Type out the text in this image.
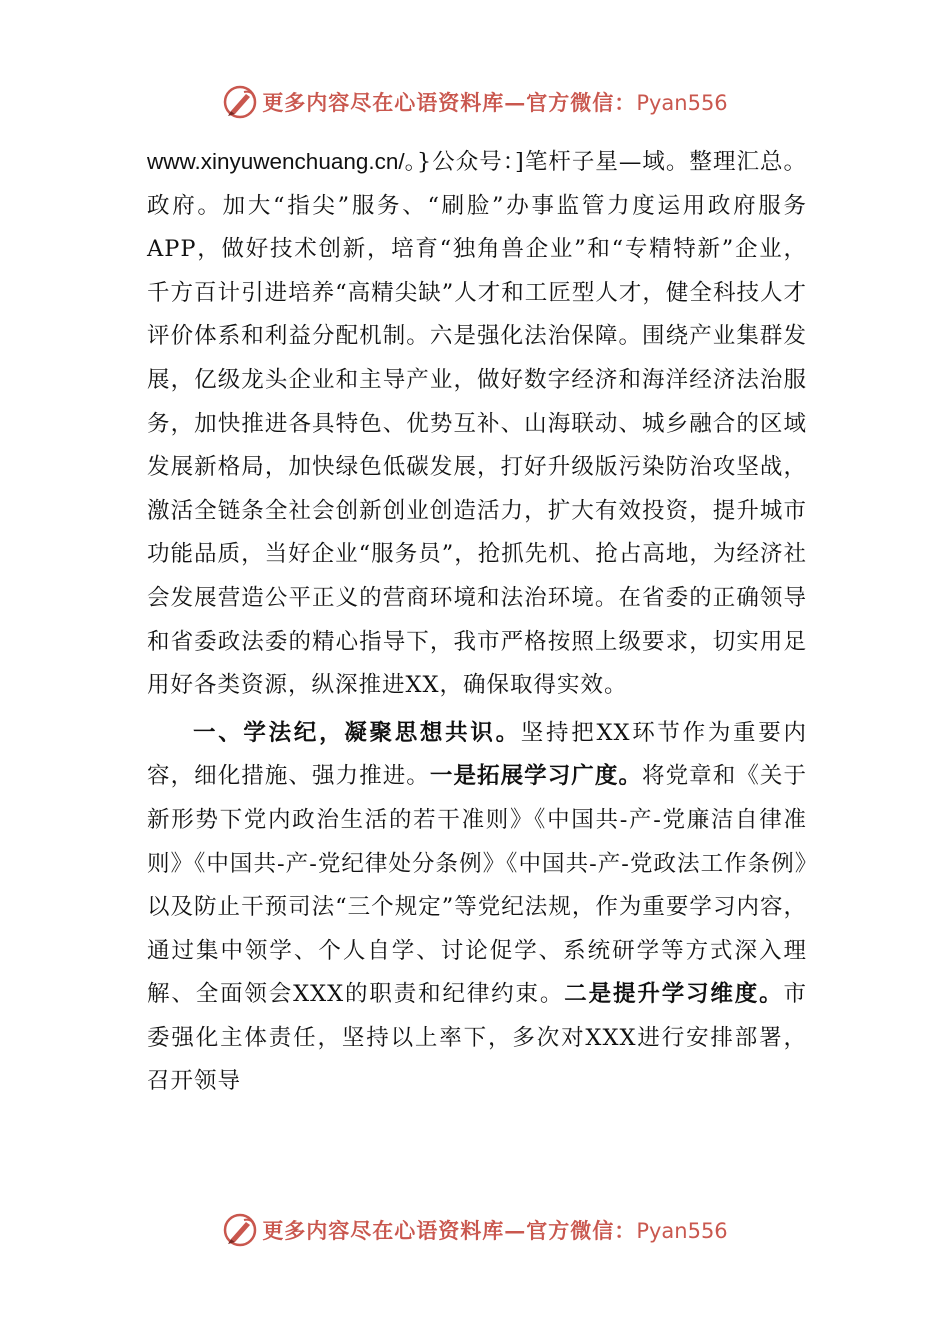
更多内容尽在心语资料库—官方微信：Pyan556

www.xinyuwenchuang.cn/。}公众号：]笔杆子星—域。整理汇总。政府。加大“指尖”服务、“刷脸”办事监管力度运用政府服务APP，做好技术创新，培育“独角兽企业”和“专精特新”企业，千方百计引进培养“高精尖缺”人才和工匠型人才，健全科技人才评价体系和利益分配机制。六是强化法治保障。围绕产业集群发展，亿级龙头企业和主导产业，做好数字经济和海洋经济法治服务，加快推进各具特色、优势互补、山海联动、城乡融合的区域发展新格局，加快绿色低碳发展，打好升级版污染防治攻坚战，激活全链条全社会创新创业创造活力，扩大有效投资，提升城市功能品质，当好企业“服务员”，抢抓先机、抢占高地，为经济社会发展营造公平正义的营商环境和法治环境。在省委的正确领导和省委政法委的精心指导下，我市严格按照上级要求，切实用足用好各类资源，纵深推进XX，确保取得实效。

一、学法纪，凝聚思想共识。坚持把XX环节作为重要内容，细化措施、强力推进。一是拓展学习广度。将党章和《关于新形势下党内政治生活的若干准则》《中国共-产-党廉洁自律准则》《中国共-产-党纪律处分条例》《中国共-产-党政法工作条例》以及防止干预司法“三个规定”等党纪法规，作为重要学习内容，通过集中领学、个人自学、讨论促学、系统研学等方式深入理解、全面领会XXX的职责和纪律约束。二是提升学习维度。市委强化主体责任，坚持以上率下，多次对XXX进行安排部署，召开领导

更多内容尽在心语资料库—官方微信：Pyan556
